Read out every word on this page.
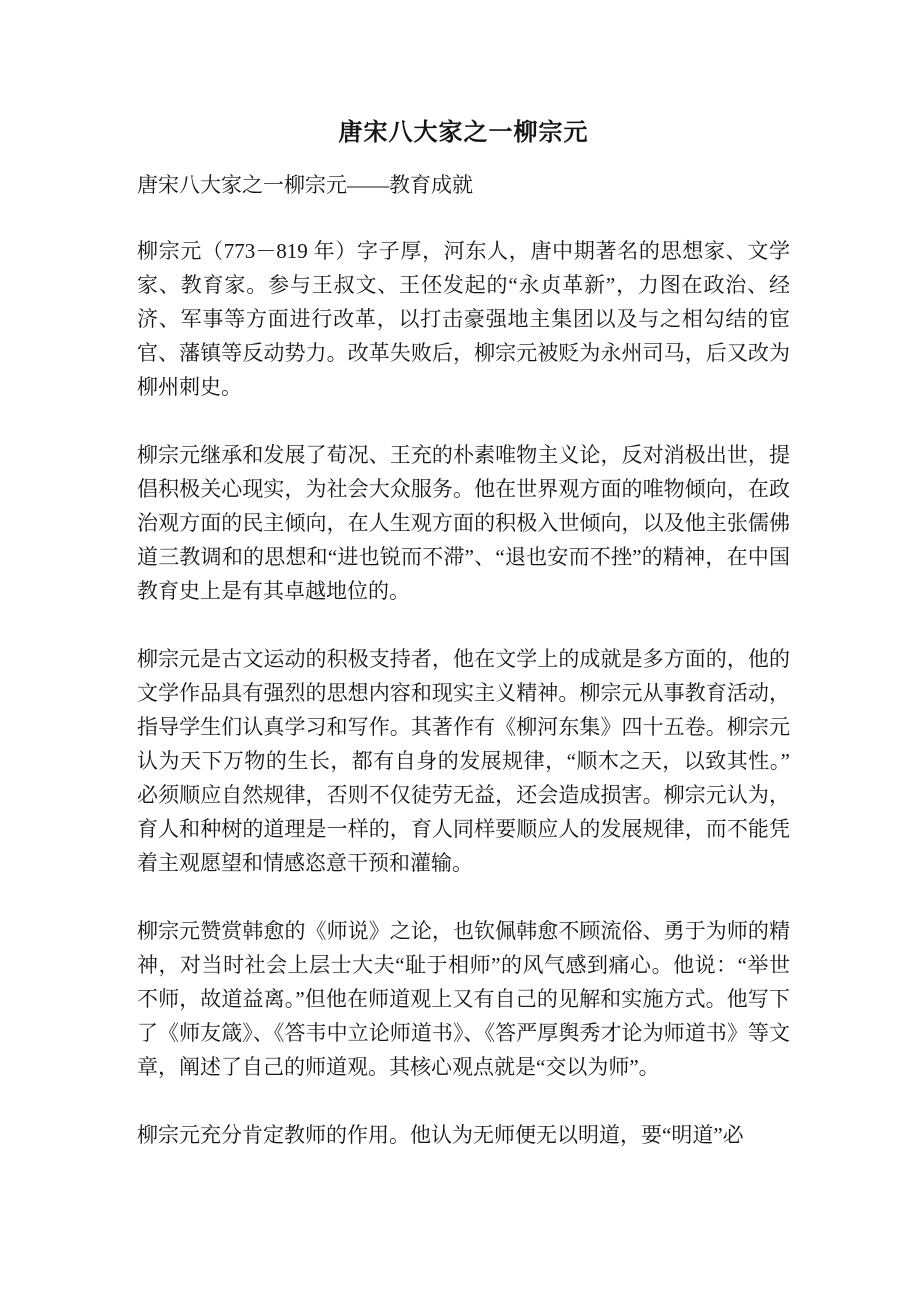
唐宋八大家之一柳宗元

唐宋八大家之一柳宗元——教育成就

柳宗元（773－819 年）字子厚，河东人，唐中期著名的思想家、文学家、教育家。参与王叔文、王伾发起的“永贞革新”，力图在政治、经济、军事等方面进行改革，以打击豪强地主集团以及与之相勾结的宦官、藩镇等反动势力。改革失败后，柳宗元被贬为永州司马，后又改为柳州刺史。

柳宗元继承和发展了荀况、王充的朴素唯物主义论，反对消极出世，提倡积极关心现实，为社会大众服务。他在世界观方面的唯物倾向，在政治观方面的民主倾向，在人生观方面的积极入世倾向，以及他主张儒佛道三教调和的思想和“进也锐而不滞”、“退也安而不挫”的精神，在中国教育史上是有其卓越地位的。

柳宗元是古文运动的积极支持者，他在文学上的成就是多方面的，他的文学作品具有强烈的思想内容和现实主义精神。柳宗元从事教育活动，指导学生们认真学习和写作。其著作有《柳河东集》四十五卷。柳宗元认为天下万物的生长，都有自身的发展规律，“顺木之天，以致其性。”必须顺应自然规律，否则不仅徒劳无益，还会造成损害。柳宗元认为，育人和种树的道理是一样的，育人同样要顺应人的发展规律，而不能凭着主观愿望和情感恣意干预和灌输。

柳宗元赞赏韩愈的《师说》之论，也钦佩韩愈不顾流俗、勇于为师的精神，对当时社会上层士大夫“耻于相师”的风气感到痛心。他说：“举世不师，故道益离。”但他在师道观上又有自己的见解和实施方式。他写下了《师友箴》、《答韦中立论师道书》、《答严厚舆秀才论为师道书》等文章，阐述了自己的师道观。其核心观点就是“交以为师”。

柳宗元充分肯定教师的作用。他认为无师便无以明道，要“明道”必
